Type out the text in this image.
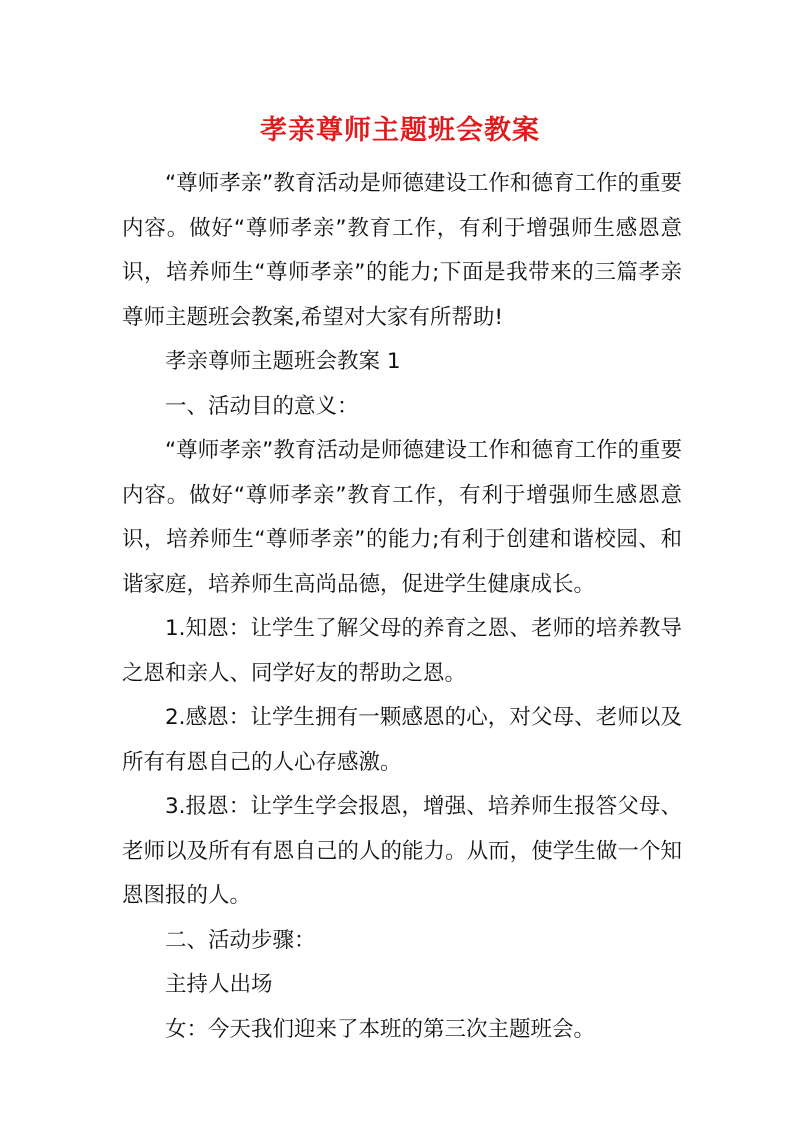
孝亲尊师主题班会教案

“尊师孝亲”教育活动是师德建设工作和德育工作的重要内容。做好“尊师孝亲”教育工作，有利于增强师生感恩意识，培养师生“尊师孝亲”的能力;下面是我带来的三篇孝亲尊师主题班会教案,希望对大家有所帮助!

孝亲尊师主题班会教案 1

一、活动目的意义：

“尊师孝亲”教育活动是师德建设工作和德育工作的重要内容。做好“尊师孝亲”教育工作，有利于增强师生感恩意识，培养师生“尊师孝亲”的能力;有利于创建和谐校园、和谐家庭，培养师生高尚品德，促进学生健康成长。

1.知恩：让学生了解父母的养育之恩、老师的培养教导之恩和亲人、同学好友的帮助之恩。

2.感恩：让学生拥有一颗感恩的心，对父母、老师以及所有有恩自己的人心存感激。

3.报恩：让学生学会报恩，增强、培养师生报答父母、老师以及所有有恩自己的人的能力。从而，使学生做一个知恩图报的人。

二、活动步骤：

主持人出场

女：今天我们迎来了本班的第三次主题班会。
